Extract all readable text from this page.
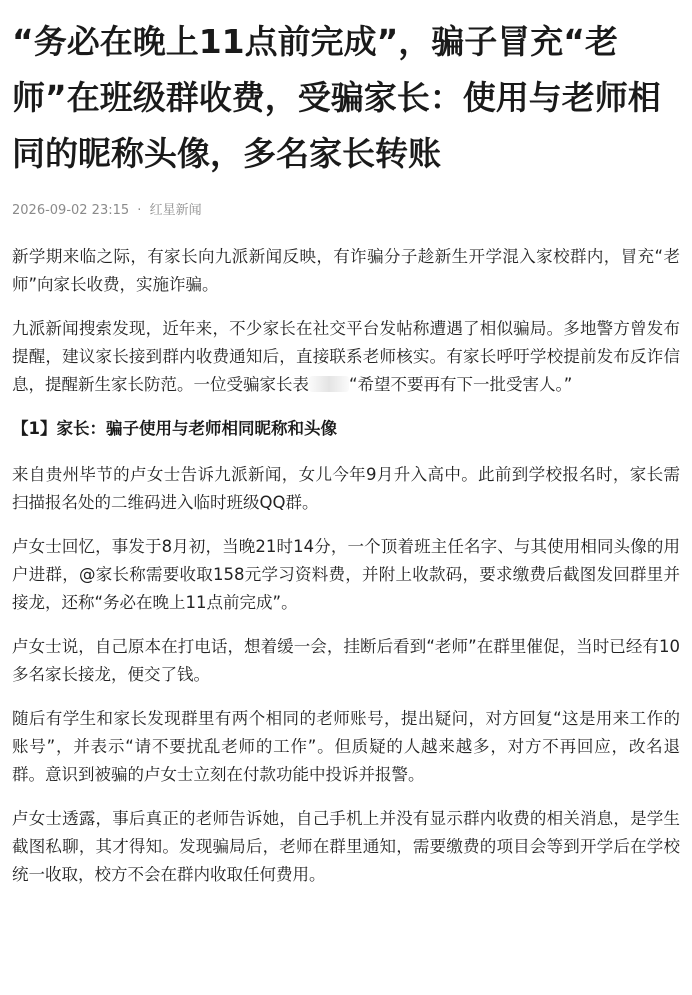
“务必在晚上11点前完成”，骗子冒充“老师”在班级群收费，受骗家长：使用与老师相同的昵称头像，多名家长转账
2026-09-02 23:15 · 红星新闻

新学期来临之际，有家长向九派新闻反映，有诈骗分子趁新生开学混入家校群内，冒充“老师”向家长收费，实施诈骗。

九派新闻搜索发现，近年来，不少家长在社交平台发帖称遭遇了相似骗局。多地警方曾发布提醒，建议家长接到群内收费通知后，直接联系老师核实。有家长呼吁学校提前发布反诈信息，提醒新生家长防范。一位受骗家长表 “希望不要再有下一批受害人。”

【1】家长：骗子使用与老师相同昵称和头像

来自贵州毕节的卢女士告诉九派新闻，女儿今年9月升入高中。此前到学校报名时，家长需扫描报名处的二维码进入临时班级QQ群。

卢女士回忆，事发于8月初，当晚21时14分，一个顶着班主任名字、与其使用相同头像的用户进群，@家长称需要收取158元学习资料费，并附上收款码，要求缴费后截图发回群里并接龙，还称“务必在晚上11点前完成”。

卢女士说，自己原本在打电话，想着缓一会，挂断后看到“老师”在群里催促，当时已经有10多名家长接龙，便交了钱。

随后有学生和家长发现群里有两个相同的老师账号，提出疑问，对方回复“这是用来工作的账号”，并表示“请不要扰乱老师的工作”。但质疑的人越来越多，对方不再回应，改名退群。意识到被骗的卢女士立刻在付款功能中投诉并报警。

卢女士透露，事后真正的老师告诉她，自己手机上并没有显示群内收费的相关消息，是学生截图私聊，其才得知。发现骗局后，老师在群里通知，需要缴费的项目会等到开学后在学校统一收取，校方不会在群内收取任何费用。
